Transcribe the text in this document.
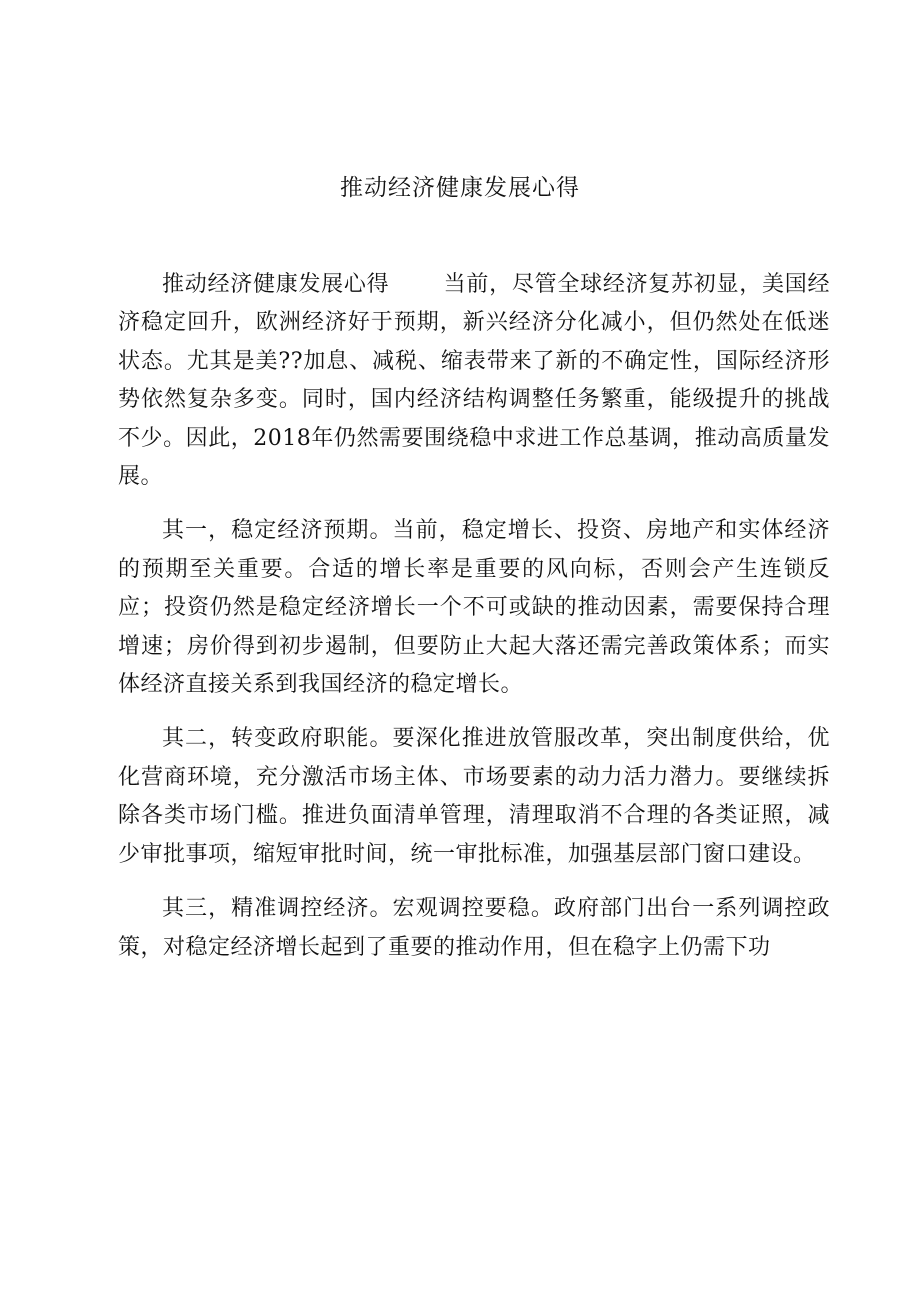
推动经济健康发展心得

推动经济健康发展心得 当前，尽管全球经济复苏初显，美国经济稳定回升，欧洲经济好于预期，新兴经济分化减小，但仍然处在低迷状态。尤其是美??加息、减税、缩表带来了新的不确定性，国际经济形势依然复杂多变。同时，国内经济结构调整任务繁重，能级提升的挑战不少。因此，2018年仍然需要围绕稳中求进工作总基调，推动高质量发展。

其一，稳定经济预期。当前，稳定增长、投资、房地产和实体经济的预期至关重要。合适的增长率是重要的风向标，否则会产生连锁反应；投资仍然是稳定经济增长一个不可或缺的推动因素，需要保持合理增速；房价得到初步遏制，但要防止大起大落还需完善政策体系；而实体经济直接关系到我国经济的稳定增长。

其二，转变政府职能。要深化推进放管服改革，突出制度供给，优化营商环境，充分激活市场主体、市场要素的动力活力潜力。要继续拆除各类市场门槛。推进负面清单管理，清理取消不合理的各类证照，减少审批事项，缩短审批时间，统一审批标准，加强基层部门窗口建设。

其三，精准调控经济。宏观调控要稳。政府部门出台一系列调控政策，对稳定经济增长起到了重要的推动作用，但在稳字上仍需下功
